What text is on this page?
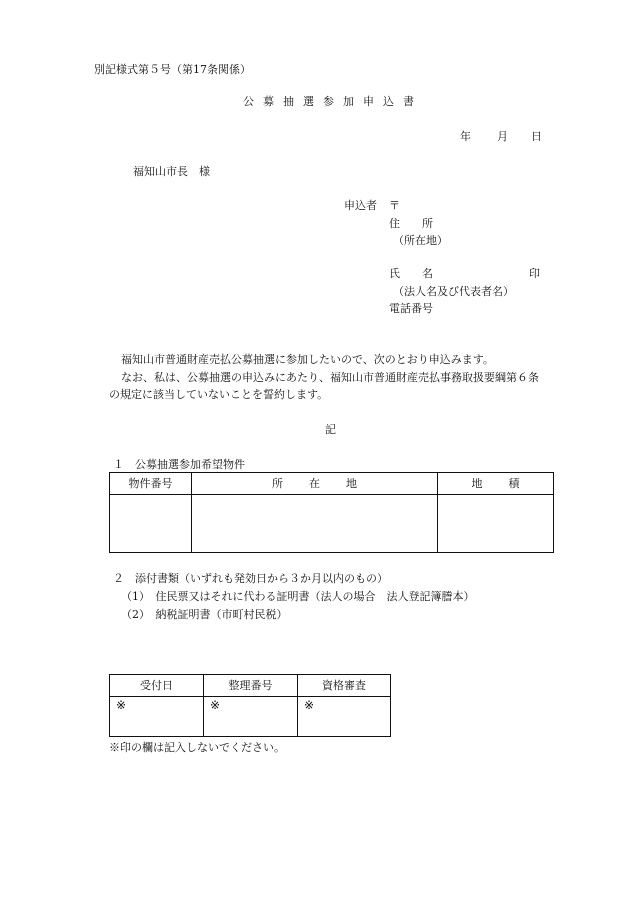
別記様式第５号（第17条関係）
公募抽選参加申込書
年 月 日
福知山市長　様
申込者 〒
住　　所
（所在地）
氏　　名	印
（法人名及び代表者名）
電話番号
福知山市普通財産売払公募抽選に参加したいので、次のとおり申込みます。
なお、私は、公募抽選の申込みにあたり、福知山市普通財産売払事務取扱要綱第６条
の規定に該当していないことを誓約します。
記
１　公募抽選参加希望物件
物件番号	所在地	地積

２　添付書類（いずれも発効日から３か月以内のもの）
（1）　住民票又はそれに代わる証明書（法人の場合　法人登記簿謄本）
（2）　納税証明書（市町村民税）
受付日	整理番号	資格審査
※	※	※
※印の欄は記入しないでください。
